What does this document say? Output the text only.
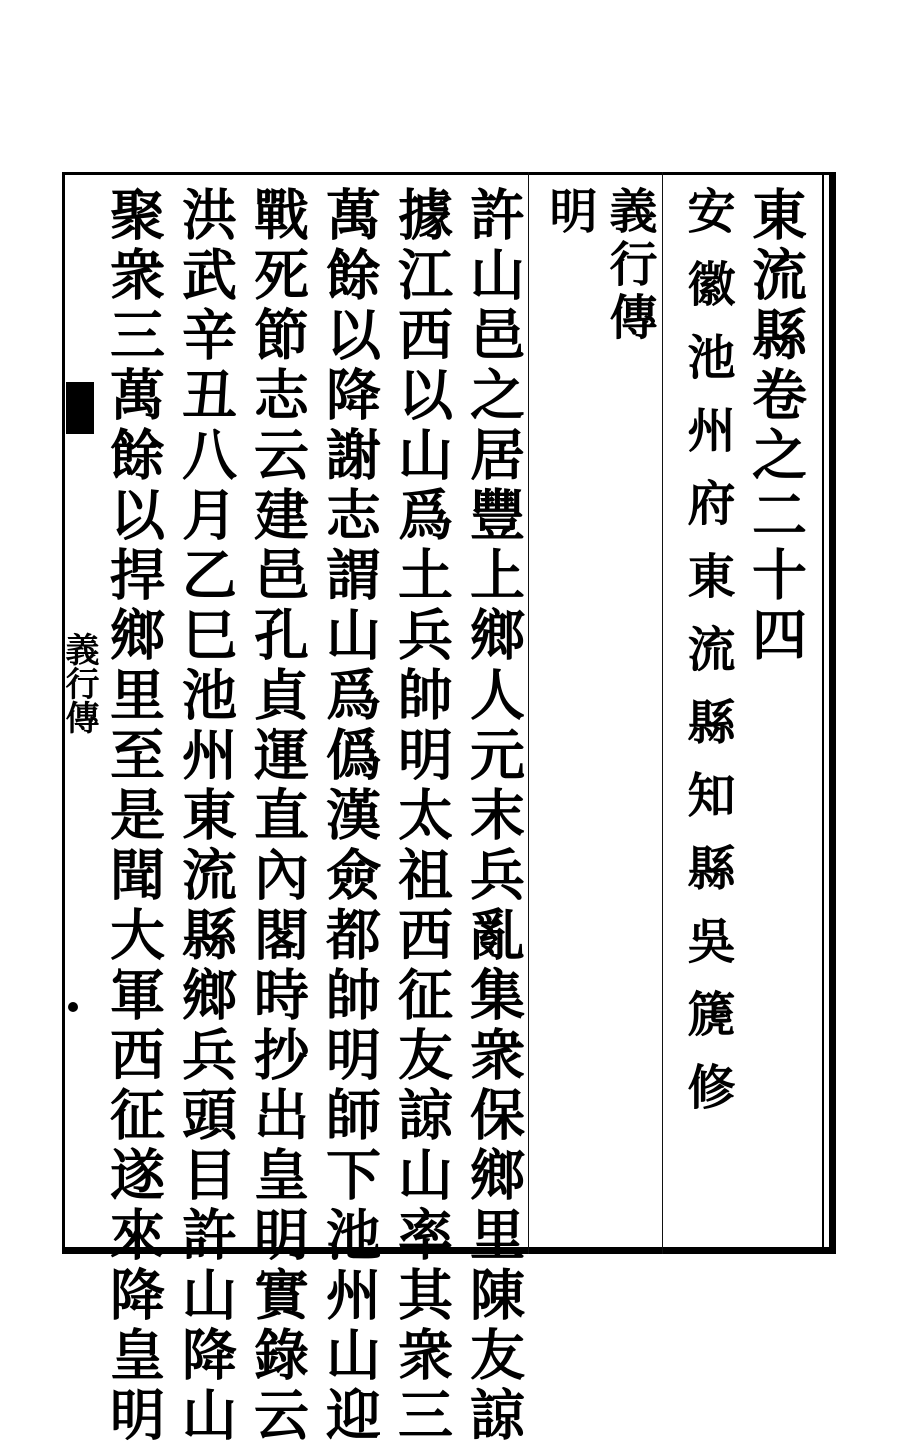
義行傳
東流縣卷之二十四
安徽池州府東流縣知縣吳篪修
義行傳
明
許山邑之居豐上鄉人元末兵亂集衆保鄉里陳友諒
據江西以山爲土兵帥明太祖西征友諒山率其衆三
萬餘以降謝志謂山爲僞漢僉都帥明師下池州山迎
戰死節志云建邑孔貞運直內閣時抄出皇明實錄云
洪武辛丑八月乙巳池州東流縣鄉兵頭目許山降山
聚衆三萬餘以捍鄉里至是聞大軍西征遂來降皇明
